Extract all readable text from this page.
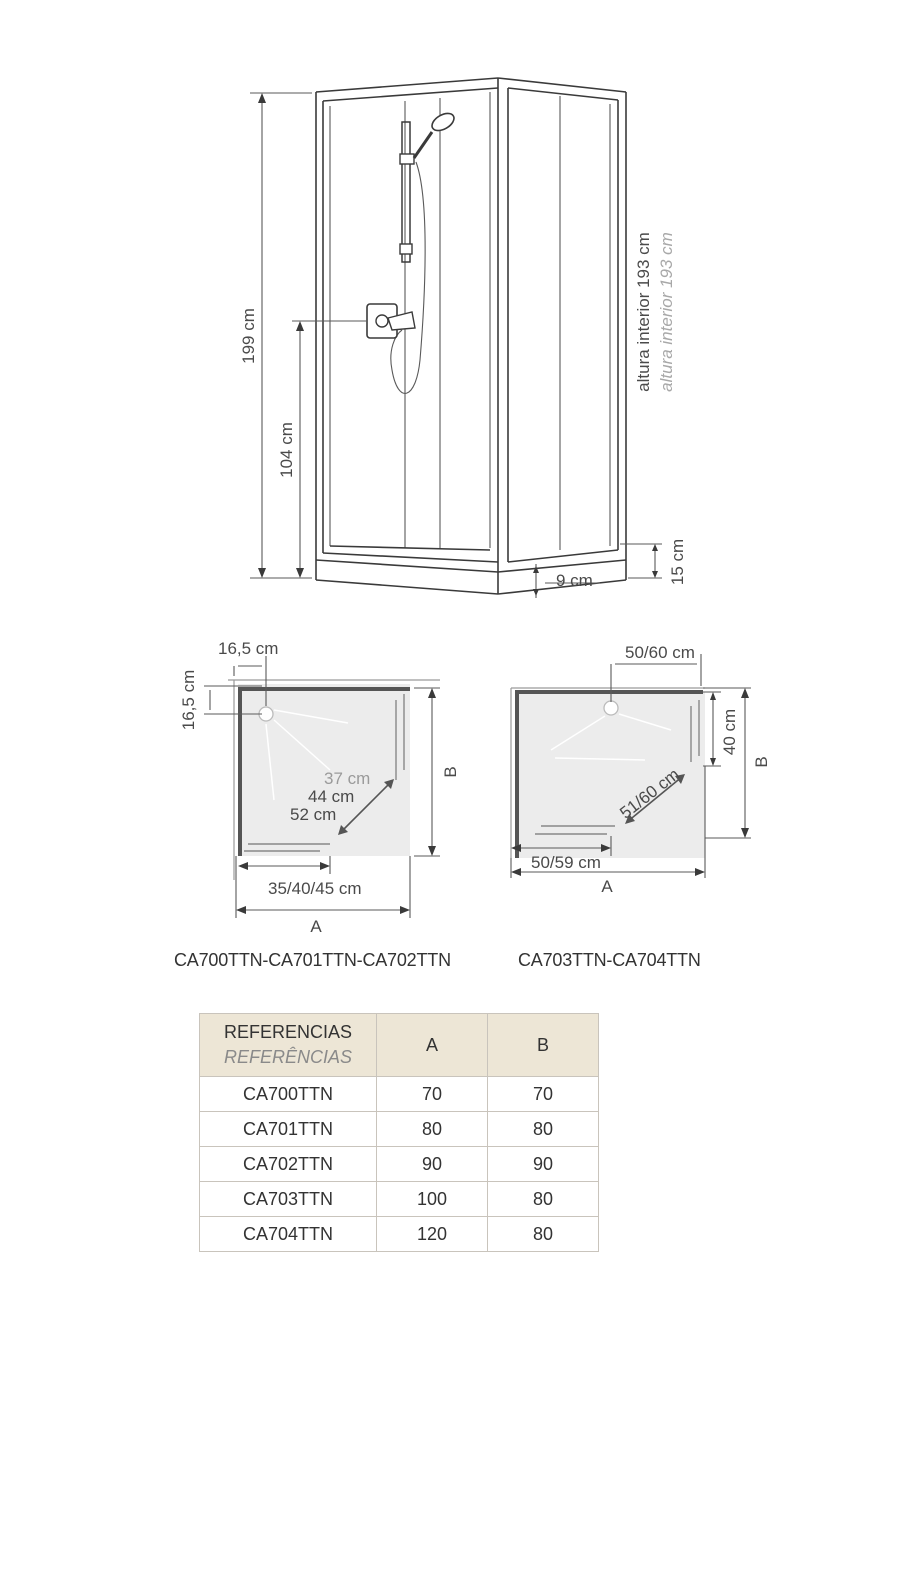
199 cm
104 cm
altura interior 193 cm altura interior 193 cm
15 cm
9 cm
16,5 cm
16,5 cm
37 cm
44 cm
52 cm
B
35/40/45 cm
A
51/60 cm
50/60 cm
40 cm
B
50/59 cm
A
CA700TTN-CA701TTN-CA702TTN	CA703TTN-CA704TTN
REFERENCIAS
REFERÊNCIAS	A	B
CA700TTN	70	70
CA701TTN	80	80
CA702TTN	90	90
CA703TTN	100	80
CA704TTN	120	80
